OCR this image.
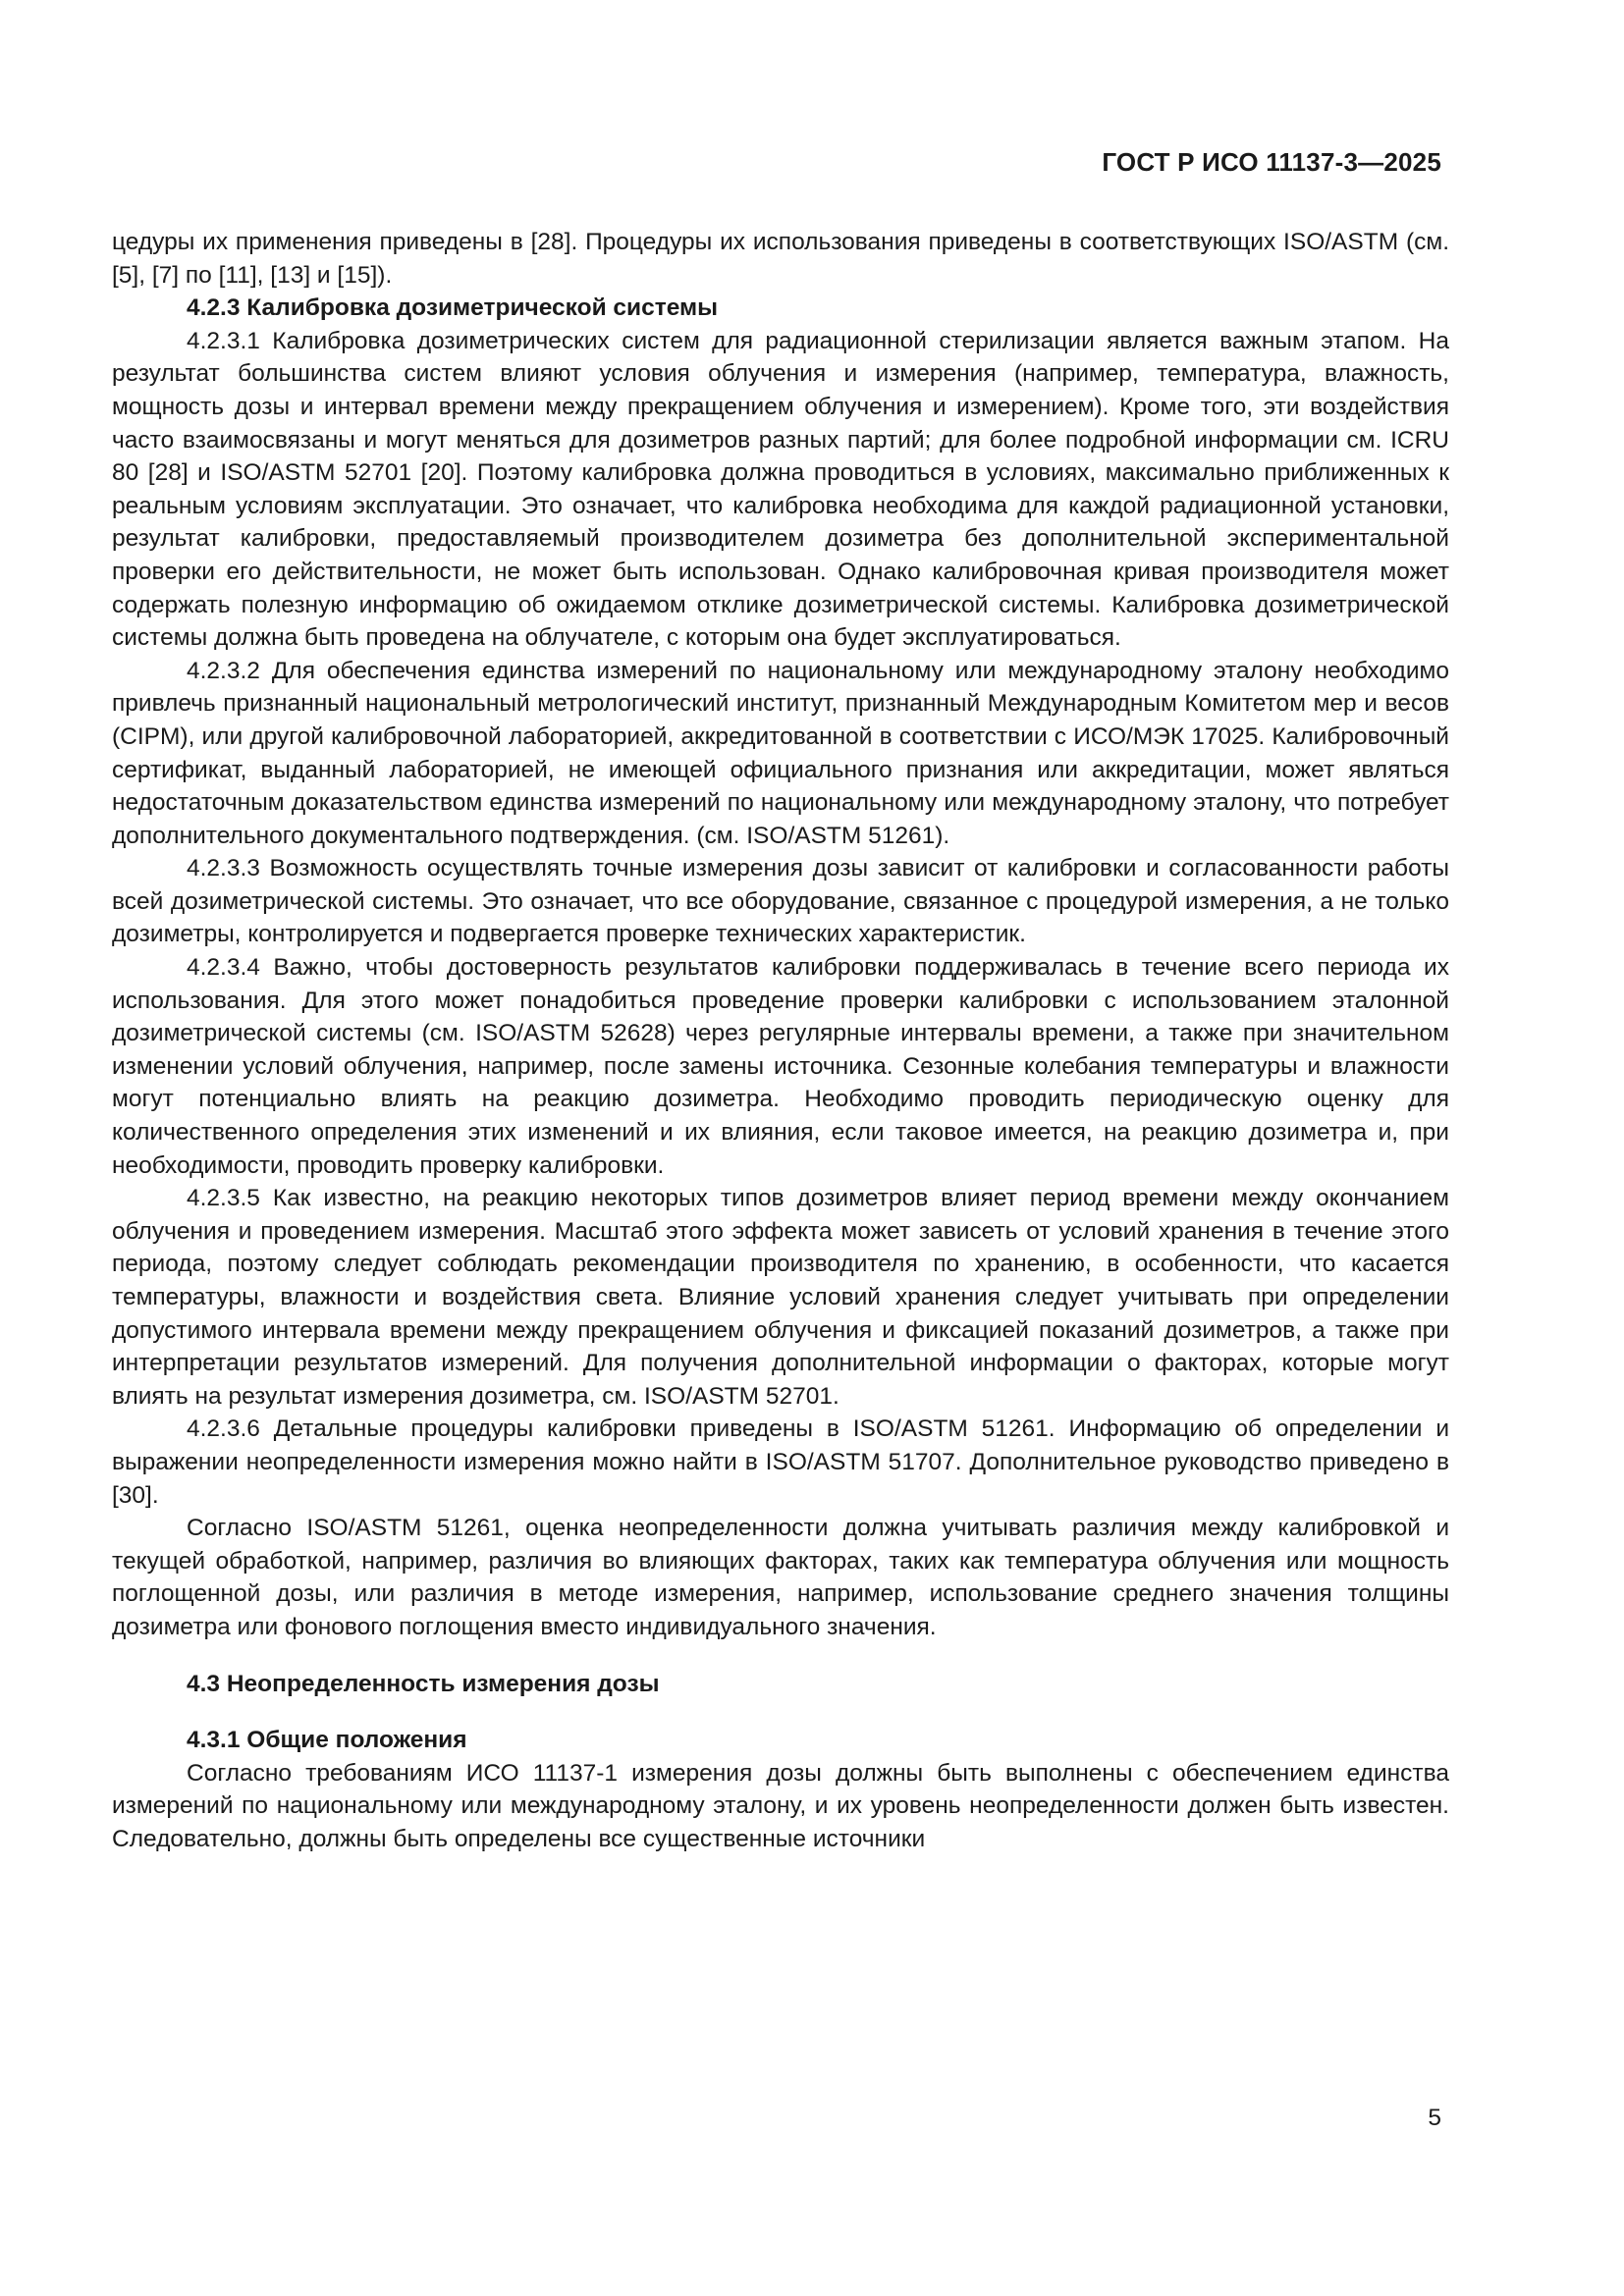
ГОСТ Р ИСО 11137-3—2025

цедуры их применения приведены в [28]. Процедуры их использования приведены в соответствующих ISO/ASTM (см. [5], [7] по [11], [13] и [15]).

4.2.3 Калибровка дозиметрической системы

4.2.3.1 Калибровка дозиметрических систем для радиационной стерилизации является важным этапом. На результат большинства систем влияют условия облучения и измерения (например, температура, влажность, мощность дозы и интервал времени между прекращением облучения и измерением). Кроме того, эти воздействия часто взаимосвязаны и могут меняться для дозиметров разных партий; для более подробной информации см. ICRU 80 [28] и ISO/ASTM 52701 [20]. Поэтому калибровка должна проводиться в условиях, максимально приближенных к реальным условиям эксплуатации. Это означает, что калибровка необходима для каждой радиационной установки, результат калибровки, предоставляемый производителем дозиметра без дополнительной экспериментальной проверки его действительности, не может быть использован. Однако калибровочная кривая производителя может содержать полезную информацию об ожидаемом отклике дозиметрической системы. Калибровка дозиметрической системы должна быть проведена на облучателе, с которым она будет эксплуатироваться.

4.2.3.2 Для обеспечения единства измерений по национальному или международному эталону необходимо привлечь признанный национальный метрологический институт, признанный Международным Комитетом мер и весов (CIPM), или другой калибровочной лабораторией, аккредитованной в соответствии с ИСО/МЭК 17025. Калибровочный сертификат, выданный лабораторией, не имеющей официального признания или аккредитации, может являться недостаточным доказательством единства измерений по национальному или международному эталону, что потребует дополнительного документального подтверждения. (см. ISO/ASTM 51261).

4.2.3.3 Возможность осуществлять точные измерения дозы зависит от калибровки и согласованности работы всей дозиметрической системы. Это означает, что все оборудование, связанное с процедурой измерения, а не только дозиметры, контролируется и подвергается проверке технических характеристик.

4.2.3.4 Важно, чтобы достоверность результатов калибровки поддерживалась в течение всего периода их использования. Для этого может понадобиться проведение проверки калибровки с использованием эталонной дозиметрической системы (см. ISO/ASTM 52628) через регулярные интервалы времени, а также при значительном изменении условий облучения, например, после замены источника. Сезонные колебания температуры и влажности могут потенциально влиять на реакцию дозиметра. Необходимо проводить периодическую оценку для количественного определения этих изменений и их влияния, если таковое имеется, на реакцию дозиметра и, при необходимости, проводить проверку калибровки.

4.2.3.5 Как известно, на реакцию некоторых типов дозиметров влияет период времени между окончанием облучения и проведением измерения. Масштаб этого эффекта может зависеть от условий хранения в течение этого периода, поэтому следует соблюдать рекомендации производителя по хранению, в особенности, что касается температуры, влажности и воздействия света. Влияние условий хранения следует учитывать при определении допустимого интервала времени между прекращением облучения и фиксацией показаний дозиметров, а также при интерпретации результатов измерений. Для получения дополнительной информации о факторах, которые могут влиять на результат измерения дозиметра, см. ISO/ASTM 52701.

4.2.3.6 Детальные процедуры калибровки приведены в ISO/ASTM 51261. Информацию об определении и выражении неопределенности измерения можно найти в ISO/ASTM 51707. Дополнительное руководство приведено в [30].

Согласно ISO/ASTM 51261, оценка неопределенности должна учитывать различия между калибровкой и текущей обработкой, например, различия во влияющих факторах, таких как температура облучения или мощность поглощенной дозы, или различия в методе измерения, например, использование среднего значения толщины дозиметра или фонового поглощения вместо индивидуального значения.

4.3 Неопределенность измерения дозы

4.3.1 Общие положения

Согласно требованиям ИСО 11137-1 измерения дозы должны быть выполнены с обеспечением единства измерений по национальному или международному эталону, и их уровень неопределенности должен быть известен. Следовательно, должны быть определены все существенные источники

5
